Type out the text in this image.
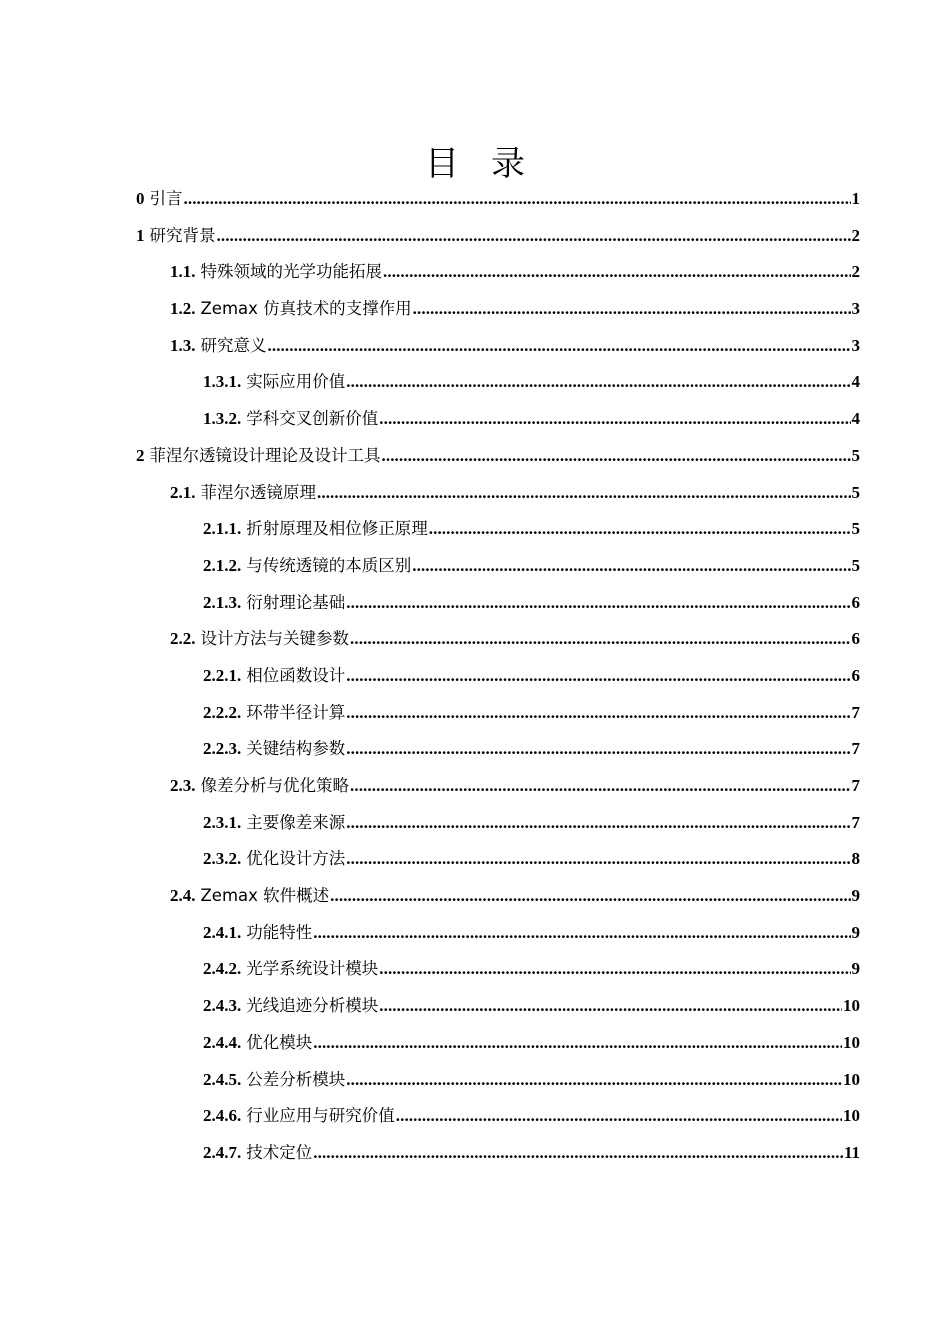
目 录
0 引言 .....	1
1 研究背景 .....	2
1.1. 特殊领域的光学功能拓展 .....	2
1.2. Zemax 仿真技术的支撑作用 .....	3
1.3. 研究意义 .....	3
1.3.1. 实际应用价值 .....	4
1.3.2. 学科交叉创新价值 .....	4
2 菲涅尔透镜设计理论及设计工具 .....	5
2.1. 菲涅尔透镜原理 .....	5
2.1.1. 折射原理及相位修正原理 .....	5
2.1.2. 与传统透镜的本质区别 .....	5
2.1.3. 衍射理论基础 .....	6
2.2. 设计方法与关键参数 .....	6
2.2.1. 相位函数设计 .....	6
2.2.2. 环带半径计算 .....	7
2.2.3. 关键结构参数 .....	7
2.3. 像差分析与优化策略 .....	7
2.3.1. 主要像差来源 .....	7
2.3.2. 优化设计方法 .....	8
2.4. Zemax 软件概述 .....	9
2.4.1. 功能特性 .....	9
2.4.2. 光学系统设计模块 .....	9
2.4.3. 光线追迹分析模块 .....	10
2.4.4. 优化模块 .....	10
2.4.5. 公差分析模块 .....	10
2.4.6. 行业应用与研究价值 .....	10
2.4.7. 技术定位 .....	11
